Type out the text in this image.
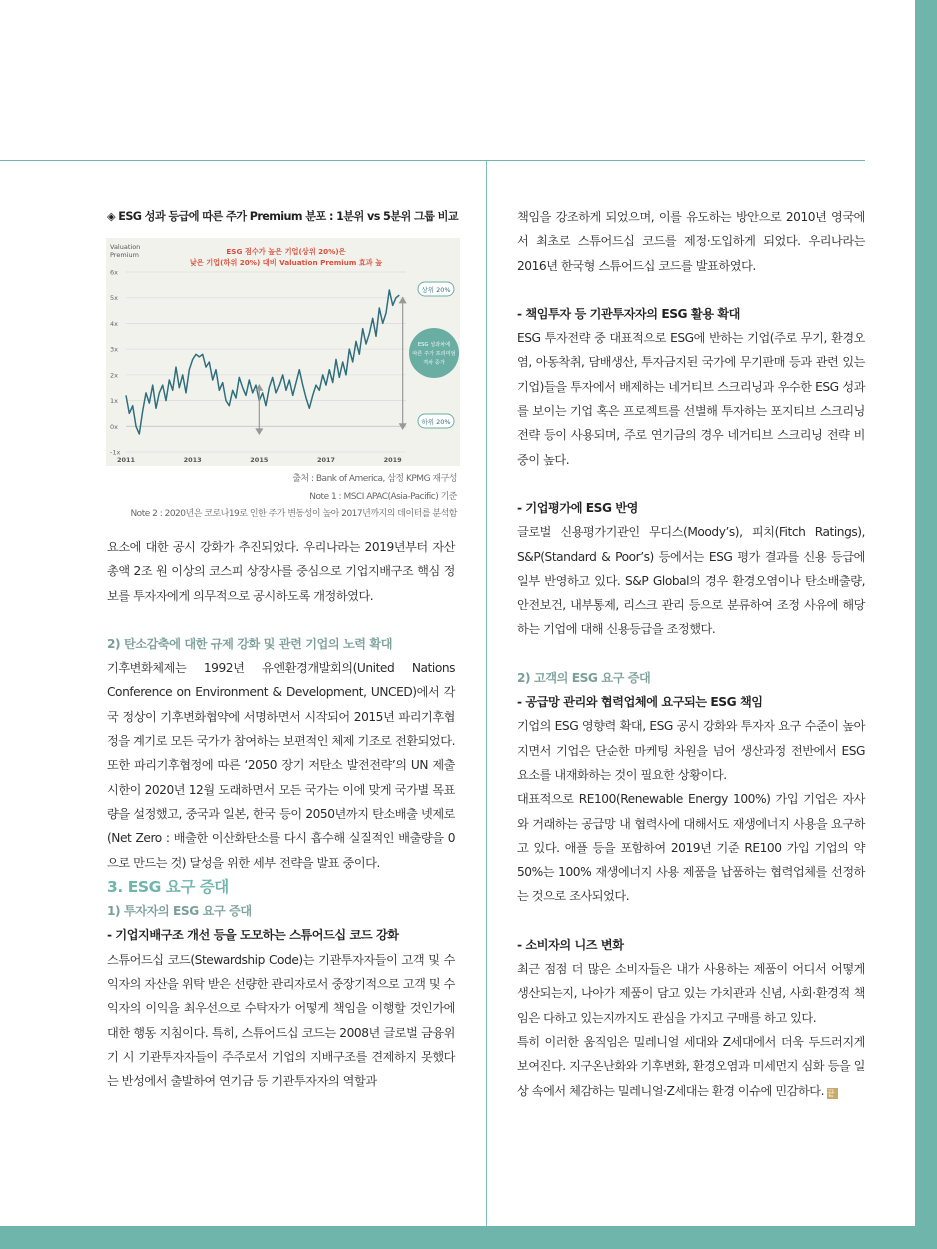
◈ ESG 성과 등급에 따른 주가 Premium 분포 : 1분위 vs 5분위 그룹 비교
Valuation
Premium	ESG 점수가 높은 기업(상위 20%)은
낮은 기업(하위 20%) 대비 Valuation Premium 효과 높
6x
5x
4x
3x
2x
1x
0x
-1x
2011	2013	2015	2017	2019
상위 20%
하위 20%
ESG 성과차에
따른 주가 프리미엄
격차 증가
출처 : Bank of America, 삼정 KPMG 재구성
Note 1 : MSCI APAC(Asia-Pacific) 기준
Note 2 : 2020년은 코로나19로 인한 주가 변동성이 높아 2017년까지의 데이터를 분석함

요소에 대한 공시 강화가 추진되었다. 우리나라는 2019년부터 자산 총액 2조 원 이상의 코스피 상장사를 중심으로 기업지배구조 핵심 정보를 투자자에게 의무적으로 공시하도록 개정하였다.

2) 탄소감축에 대한 규제 강화 및 관련 기업의 노력 확대

기후변화체제는 1992년 유엔환경개발회의(United Nations Conference on Environment & Development, UNCED)에서 각국 정상이 기후변화협약에 서명하면서 시작되어 2015년 파리기후협정을 계기로 모든 국가가 참여하는 보편적인 체제 기조로 전환되었다. 또한 파리기후협정에 따른 ‘2050 장기 저탄소 발전전략’의 UN 제출시한이 2020년 12월 도래하면서 모든 국가는 이에 맞게 국가별 목표량을 설정했고, 중국과 일본, 한국 등이 2050년까지 탄소배출 넷제로(Net Zero : 배출한 이산화탄소를 다시 흡수해 실질적인 배출량을 0으로 만드는 것) 달성을 위한 세부 전략을 발표 중이다.

3. ESG 요구 증대

1) 투자자의 ESG 요구 증대

- 기업지배구조 개선 등을 도모하는 스튜어드십 코드 강화

스튜어드십 코드(Stewardship Code)는 기관투자자들이 고객 및 수익자의 자산을 위탁 받은 선량한 관리자로서 중장기적으로 고객 및 수익자의 이익을 최우선으로 수탁자가 어떻게 책임을 이행할 것인가에 대한 행동 지침이다. 특히, 스튜어드십 코드는 2008년 글로벌 금융위기 시 기관투자자들이 주주로서 기업의 지배구조를 견제하지 못했다는 반성에서 출발하여 연기금 등 기관투자자의 역할과

책임을 강조하게 되었으며, 이를 유도하는 방안으로 2010년 영국에서 최초로 스튜어드십 코드를 제정·도입하게 되었다. 우리나라는 2016년 한국형 스튜어드십 코드를 발표하였다.

- 책임투자 등 기관투자자의 ESG 활용 확대

ESG 투자전략 중 대표적으로 ESG에 반하는 기업(주로 무기, 환경오염, 아동착취, 담배생산, 투자금지된 국가에 무기판매 등과 관련 있는 기업)들을 투자에서 배제하는 네거티브 스크리닝과 우수한 ESG 성과를 보이는 기업 혹은 프로젝트를 선별해 투자하는 포지티브 스크리닝 전략 등이 사용되며, 주로 연기금의 경우 네거티브 스크리닝 전략 비중이 높다.

- 기업평가에 ESG 반영

글로벌 신용평가기관인 무디스(Moody’s), 피치(Fitch Ratings), S&P(Standard & Poor’s) 등에서는 ESG 평가 결과를 신용 등급에 일부 반영하고 있다. S&P Global의 경우 환경오염이나 탄소배출량, 안전보건, 내부통제, 리스크 관리 등으로 분류하여 조정 사유에 해당하는 기업에 대해 신용등급을 조정했다.

2) 고객의 ESG 요구 증대

- 공급망 관리와 협력업체에 요구되는 ESG 책임

기업의 ESG 영향력 확대, ESG 공시 강화와 투자자 요구 수준이 높아지면서 기업은 단순한 마케팅 차원을 넘어 생산과정 전반에서 ESG 요소를 내재화하는 것이 필요한 상황이다.

대표적으로 RE100(Renewable Energy 100%) 가입 기업은 자사와 거래하는 공급망 내 협력사에 대해서도 재생에너지 사용을 요구하고 있다. 애플 등을 포함하여 2019년 기준 RE100 가입 기업의 약 50%는 100% 재생에너지 사용 제품을 납품하는 협력업체를 선정하는 것으로 조사되었다.

- 소비자의 니즈 변화

최근 점점 더 많은 소비자들은 내가 사용하는 제품이 어디서 어떻게 생산되는지, 나아가 제품이 담고 있는 가치관과 신념, 사회·환경적 책임은 다하고 있는지까지도 관심을 가지고 구매를 하고 있다.

특히 이러한 움직임은 밀레니얼 세대와 Z세대에서 더욱 두드러지게 보여진다. 지구온난화와 기후변화, 환경오염과 미세먼지 심화 등을 일상 속에서 체감하는 밀레니얼·Z세대는 환경 이슈에 민감하다. 끝
